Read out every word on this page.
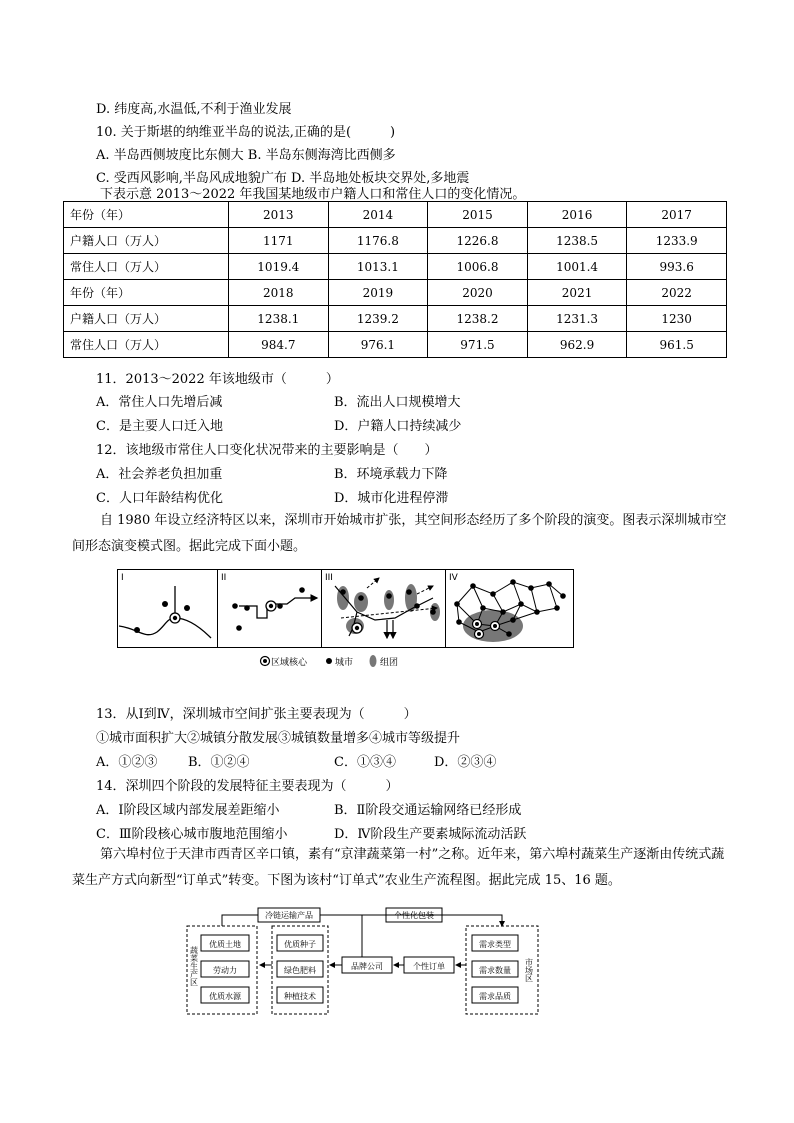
D. 纬度高,水温低,不利于渔业发展
10. 关于斯堪的纳维亚半岛的说法,正确的是(　　　)
A. 半岛西侧坡度比东侧大 B. 半岛东侧海湾比西侧多
C. 受西风影响,半岛风成地貌广布 D. 半岛地处板块交界处,多地震
下表示意 2013～2022 年我国某地级市户籍人口和常住人口的变化情况。
年份（年）	2013	2014	2015	2016	2017
户籍人口（万人）	1171	1176.8	1226.8	1238.5	1233.9
常住人口（万人）	1019.4	1013.1	1006.8	1001.4	993.6
年份（年）	2018	2019	2020	2021	2022
户籍人口（万人）	1238.1	1239.2	1238.2	1231.3	1230
常住人口（万人）	984.7	976.1	971.5	962.9	961.5
11．2013～2022 年该地级市（　　　）
A．常住人口先增后减	B．流出人口规模增大
C．是主要人口迁入地	D．户籍人口持续减少
12．该地级市常住人口变化状况带来的主要影响是（　　）
A．社会养老负担加重	B．环境承载力下降
C．人口年龄结构优化	D．城市化进程停滞
自 1980 年设立经济特区以来，深圳市开始城市扩张，其空间形态经历了多个阶段的演变。图表示深圳城市空间形态演变模式图。据此完成下面小题。
I	II	III	IV
区域核心	城市	组团
13．从Ⅰ到Ⅳ，深圳城市空间扩张主要表现为（　　　）
①城市面积扩大②城镇分散发展③城镇数量增多④城市等级提升
A．①②③ B．①②④	C．①③④	D．②③④
14．深圳四个阶段的发展特征主要表现为（　　　）
A．Ⅰ阶段区域内部发展差距缩小	B．Ⅱ阶段交通运输网络已经形成
C．Ⅲ阶段核心城市腹地范围缩小	D．Ⅳ阶段生产要素城际流动活跃
第六埠村位于天津市西青区辛口镇，素有“京津蔬菜第一村”之称。近年来，第六埠村蔬菜生产逐渐由传统式蔬菜生产方式向新型“订单式”转变。下图为该村“订单式”农业生产流程图。据此完成 15、16 题。
蔬菜生产区	市场区
优质土地
劳动力
优质水源
优质种子
绿色肥料
种植技术
需求类型
需求数量
需求品质
品牌公司	个性订单
冷链运输产品	个性化包装
